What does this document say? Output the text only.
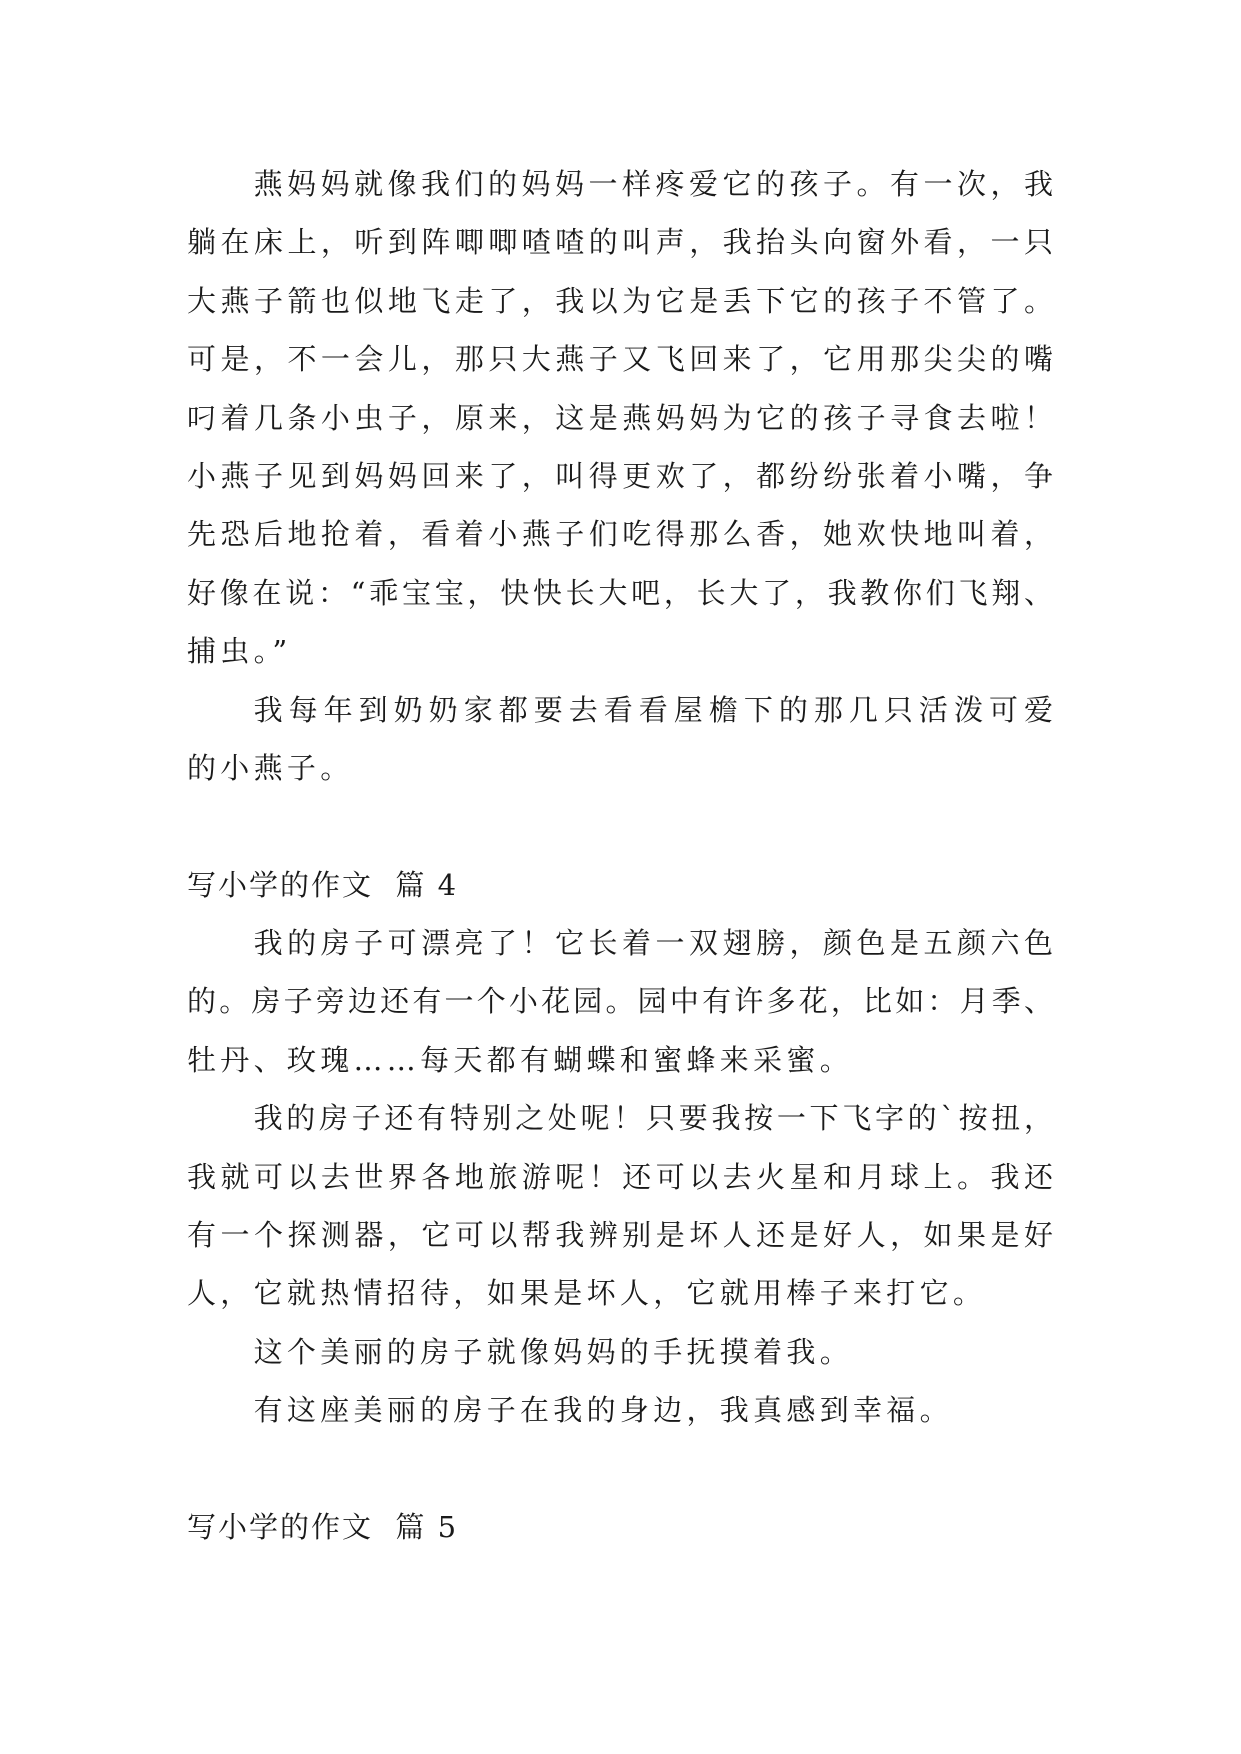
燕妈妈就像我们的妈妈一样疼爱它的孩子。有一次，我
躺在床上，听到阵唧唧喳喳的叫声，我抬头向窗外看，一只
大燕子箭也似地飞走了，我以为它是丢下它的孩子不管了。
可是，不一会儿，那只大燕子又飞回来了，它用那尖尖的嘴
叼着几条小虫子，原来，这是燕妈妈为它的孩子寻食去啦！
小燕子见到妈妈回来了，叫得更欢了，都纷纷张着小嘴，争
先恐后地抢着，看着小燕子们吃得那么香，她欢快地叫着，
好像在说：“乖宝宝，快快长大吧，长大了，我教你们飞翔、
捕虫。”
我每年到奶奶家都要去看看屋檐下的那几只活泼可爱
的小燕子。
写小学的作文  篇 4
我的房子可漂亮了！它长着一双翅膀，颜色是五颜六色
的。房子旁边还有一个小花园。园中有许多花，比如：月季、
牡丹、玫瑰……每天都有蝴蝶和蜜蜂来采蜜。
我的房子还有特别之处呢！只要我按一下飞字的`按扭，
我就可以去世界各地旅游呢！还可以去火星和月球上。我还
有一个探测器，它可以帮我辨别是坏人还是好人，如果是好
人，它就热情招待，如果是坏人，它就用棒子来打它。
这个美丽的房子就像妈妈的手抚摸着我。
有这座美丽的房子在我的身边，我真感到幸福。
写小学的作文  篇 5
